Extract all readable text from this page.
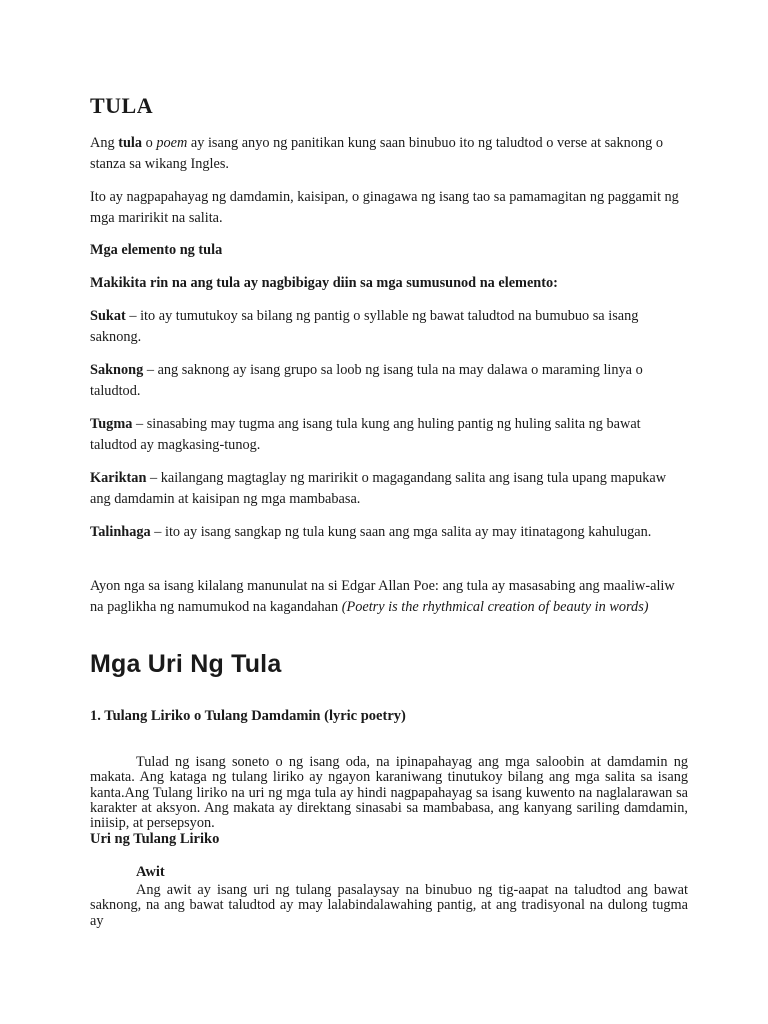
TULA

Ang tula o poem ay isang anyo ng panitikan kung saan binubuo ito ng taludtod o verse at saknong o stanza sa wikang Ingles.

Ito ay nagpapahayag ng damdamin, kaisipan, o ginagawa ng isang tao sa pamamagitan ng paggamit ng mga maririkit na salita.

Mga elemento ng tula

Makikita rin na ang tula ay nagbibigay diin sa mga sumusunod na elemento:

Sukat – ito ay tumutukoy sa bilang ng pantig o syllable ng bawat taludtod na bumubuo sa isang saknong.

Saknong – ang saknong ay isang grupo sa loob ng isang tula na may dalawa o maraming linya o taludtod.

Tugma – sinasabing may tugma ang isang tula kung ang huling pantig ng huling salita ng bawat taludtod ay magkasing-tunog.

Kariktan – kailangang magtaglay ng maririkit o magagandang salita ang isang tula upang mapukaw ang damdamin at kaisipan ng mga mambabasa.

Talinhaga – ito ay isang sangkap ng tula kung saan ang mga salita ay may itinatagong kahulugan.

Ayon nga sa isang kilalang manunulat na si Edgar Allan Poe: ang tula ay masasabing ang maaliw-aliw na paglikha ng namumukod na kagandahan (Poetry is the rhythmical creation of beauty in words)

Mga Uri Ng Tula
1. Tulang Liriko o Tulang Damdamin (lyric poetry)

Tulad ng isang soneto o ng isang oda, na ipinapahayag ang mga saloobin at damdamin ng makata. Ang kataga ng tulang liriko ay ngayon karaniwang tinutukoy bilang ang mga salita sa isang kanta.Ang Tulang liriko na uri ng mga tula ay hindi nagpapahayag sa isang kuwento na naglalarawan sa karakter at aksyon. Ang makata ay direktang sinasabi sa mambabasa, ang kanyang sariling damdamin, iniisip, at persepsyon.

Uri ng Tulang Liriko
Awit

Ang awit ay isang uri ng tulang pasalaysay na binubuo ng tig-aapat na taludtod ang bawat saknong, na ang bawat taludtod ay may lalabindalawahing pantig, at ang tradisyonal na dulong tugma ay
